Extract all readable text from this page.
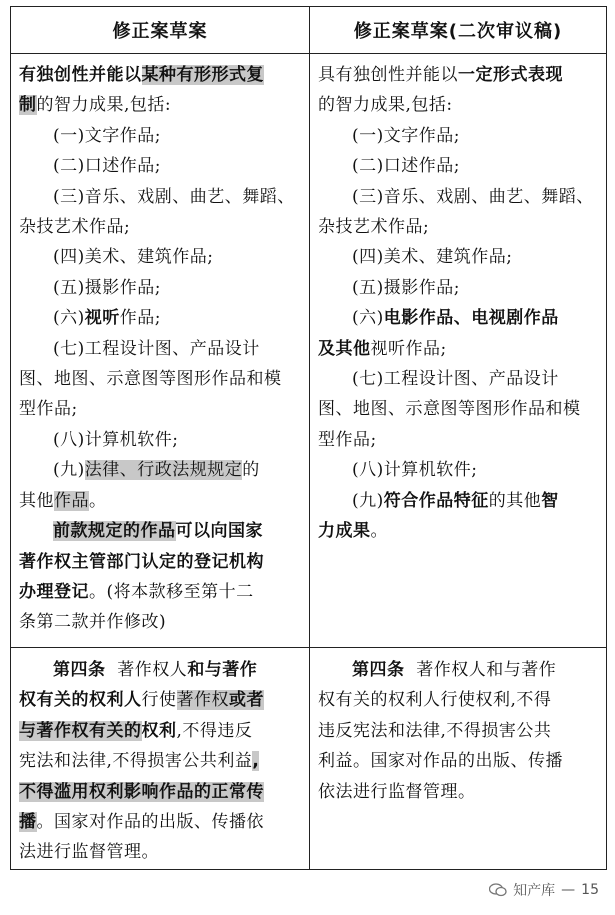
修正案草案	修正案草案(二次审议稿)

有独创性并能以某种有形形式复

制的智力成果,包括:

(一)文字作品;

(二)口述作品;

(三)音乐、戏剧、曲艺、舞蹈、

杂技艺术作品;

(四)美术、建筑作品;

(五)摄影作品;

(六)视听作品;

(七)工程设计图、产品设计

图、地图、示意图等图形作品和模

型作品;

(八)计算机软件;

(九)法律、行政法规规定的

其他作品。

前款规定的作品可以向国家

著作权主管部门认定的登记机构

办理登记。(将本款移至第十二

条第二款并作修改)

具有独创性并能以一定形式表现

的智力成果,包括:

(一)文字作品;

(二)口述作品;

(三)音乐、戏剧、曲艺、舞蹈、

杂技艺术作品;

(四)美术、建筑作品;

(五)摄影作品;

(六)电影作品、电视剧作品

及其他视听作品;

(七)工程设计图、产品设计

图、地图、示意图等图形作品和模

型作品;

(八)计算机软件;

(九)符合作品特征的其他智

力成果。

第四条  著作权人和与著作

权有关的权利人行使著作权或者

与著作权有关的权利,不得违反

宪法和法律,不得损害公共利益,

不得滥用权利影响作品的正常传

播。国家对作品的出版、传播依

法进行监督管理。

第四条  著作权人和与著作

权有关的权利人行使权利,不得

违反宪法和法律,不得损害公共

利益。国家对作品的出版、传播

依法进行监督管理。

知产库 — 15
